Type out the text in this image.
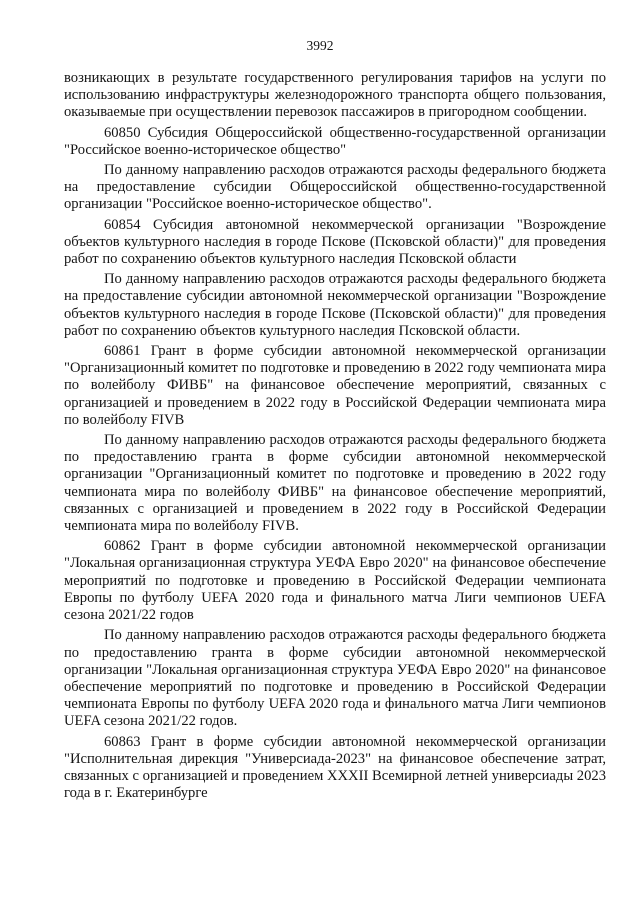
3992

возникающих в результате государственного регулирования тарифов на услуги по использованию инфраструктуры железнодорожного транспорта общего пользования, оказываемые при осуществлении перевозок пассажиров в пригородном сообщении.

60850 Субсидия Общероссийской общественно-государственной организации "Российское военно-историческое общество"

По данному направлению расходов отражаются расходы федерального бюджета на предоставление субсидии Общероссийской общественно-государственной организации "Российское военно-историческое общество".

60854 Субсидия автономной некоммерческой организации "Возрождение объектов культурного наследия в городе Пскове (Псковской области)" для проведения работ по сохранению объектов культурного наследия Псковской области

По данному направлению расходов отражаются расходы федерального бюджета на предоставление субсидии автономной некоммерческой организации "Возрождение объектов культурного наследия в городе Пскове (Псковской области)" для проведения работ по сохранению объектов культурного наследия Псковской области.

60861 Грант в форме субсидии автономной некоммерческой организации "Организационный комитет по подготовке и проведению в 2022 году чемпионата мира по волейболу ФИВБ" на финансовое обеспечение мероприятий, связанных с организацией и проведением в 2022 году в Российской Федерации чемпионата мира по волейболу FIVB

По данному направлению расходов отражаются расходы федерального бюджета по предоставлению гранта в форме субсидии автономной некоммерческой организации "Организационный комитет по подготовке и проведению в 2022 году чемпионата мира по волейболу ФИВБ" на финансовое обеспечение мероприятий, связанных с организацией и проведением в 2022 году в Российской Федерации чемпионата мира по волейболу FIVB.

60862 Грант в форме субсидии автономной некоммерческой организации "Локальная организационная структура УЕФА Евро 2020" на финансовое обеспечение мероприятий по подготовке и проведению в Российской Федерации чемпионата Европы по футболу UEFA 2020 года и финального матча Лиги чемпионов UEFA сезона 2021/22 годов

По данному направлению расходов отражаются расходы федерального бюджета по предоставлению гранта в форме субсидии автономной некоммерческой организации "Локальная организационная структура УЕФА Евро 2020" на финансовое обеспечение мероприятий по подготовке и проведению в Российской Федерации чемпионата Европы по футболу UEFA 2020 года и финального матча Лиги чемпионов UEFA сезона 2021/22 годов.

60863 Грант в форме субсидии автономной некоммерческой организации "Исполнительная дирекция "Универсиада-2023" на финансовое обеспечение затрат, связанных с организацией и проведением XXXII Всемирной летней универсиады 2023 года в г. Екатеринбурге
